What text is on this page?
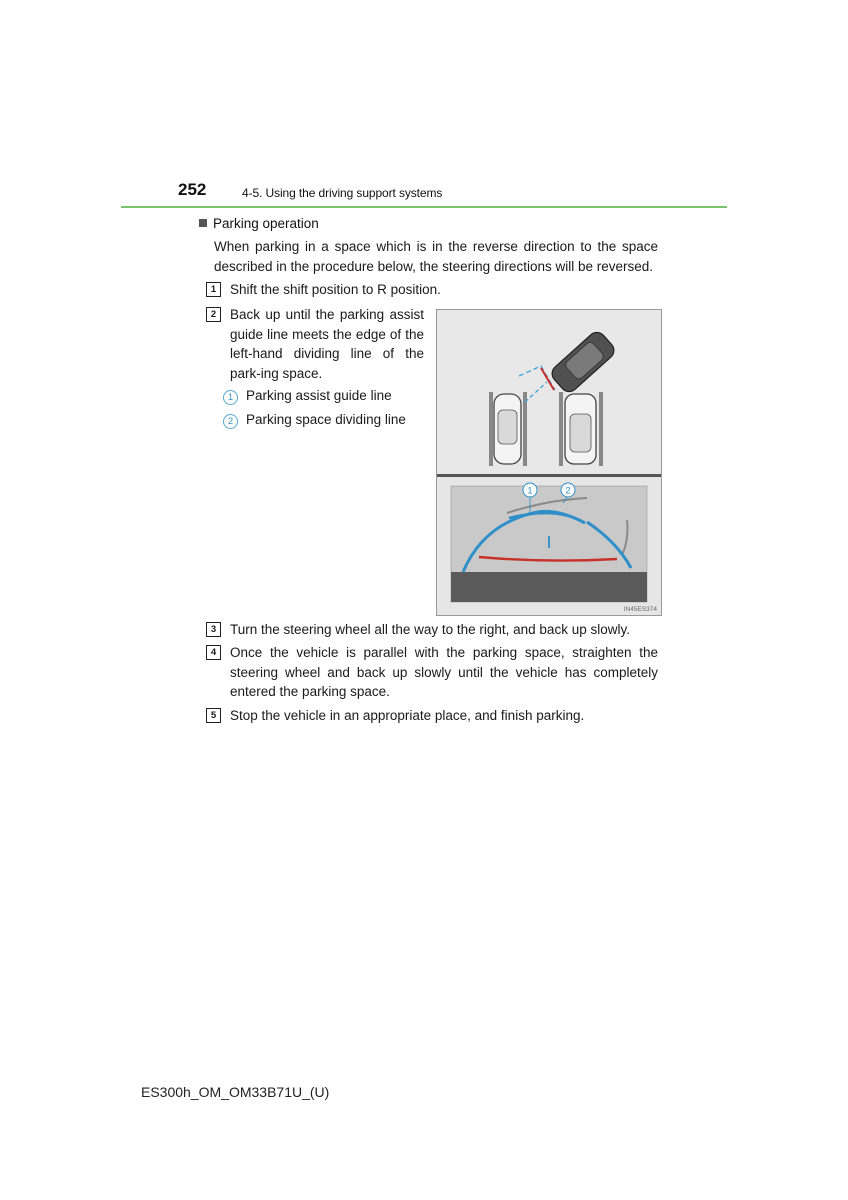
252	4-5. Using the driving support systems
Parking operation
When parking in a space which is in the reverse direction to the space described in the procedure below, the steering directions will be reversed.
1	Shift the shift position to R position.
2	Back up until the parking assist guide line meets the edge of the left-hand dividing line of the park-ing space.
1 Parking assist guide line
2 Parking space dividing line
1	2
IN45ES374
3	Turn the steering wheel all the way to the right, and back up slowly.
4	Once the vehicle is parallel with the parking space, straighten the steering wheel and back up slowly until the vehicle has completely entered the parking space.
5	Stop the vehicle in an appropriate place, and finish parking.
ES300h_OM_OM33B71U_(U)
